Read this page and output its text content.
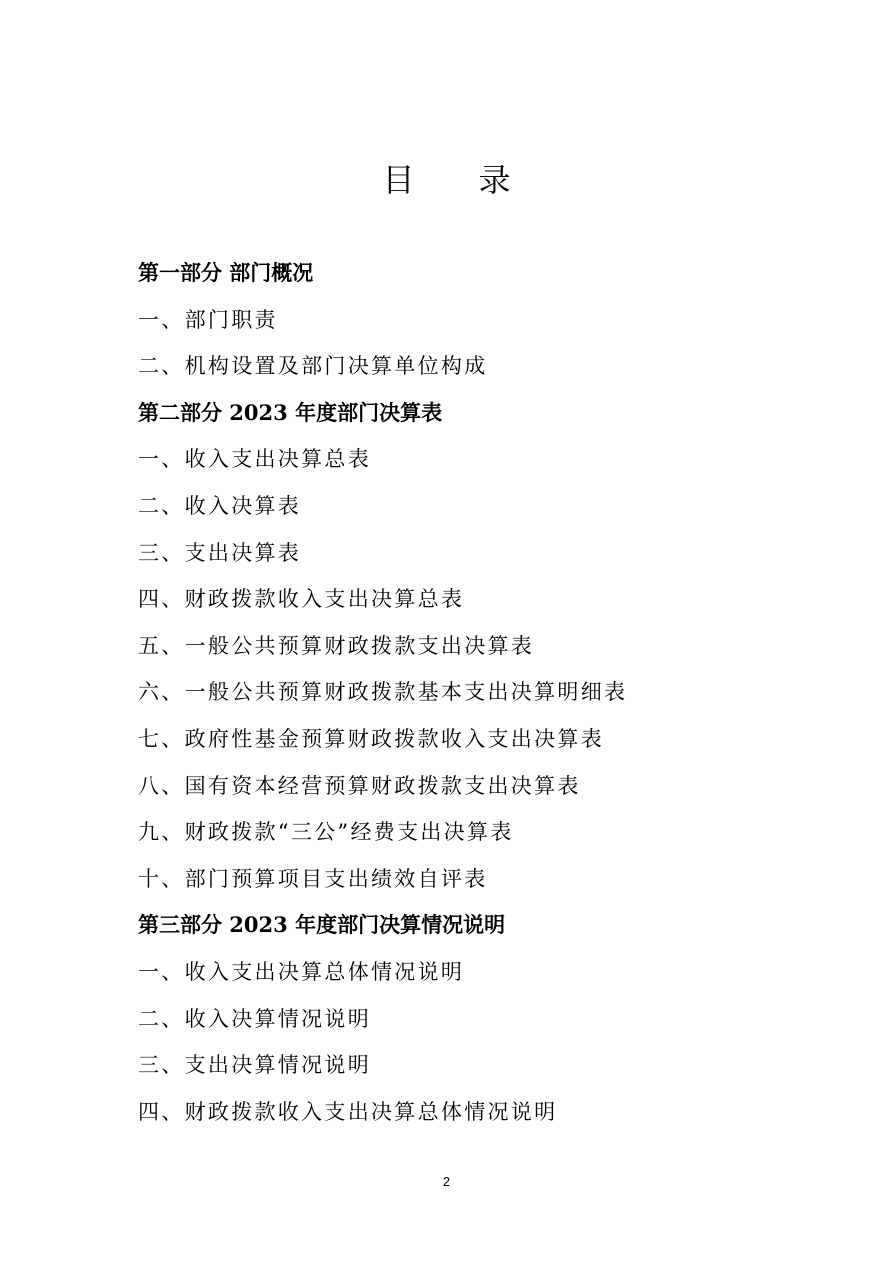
目　　录
第一部分 部门概况
一、部门职责
二、机构设置及部门决算单位构成
第二部分 2023 年度部门决算表
一、收入支出决算总表
二、收入决算表
三、支出决算表
四、财政拨款收入支出决算总表
五、一般公共预算财政拨款支出决算表
六、一般公共预算财政拨款基本支出决算明细表
七、政府性基金预算财政拨款收入支出决算表
八、国有资本经营预算财政拨款支出决算表
九、财政拨款“三公”经费支出决算表
十、部门预算项目支出绩效自评表
第三部分 2023 年度部门决算情况说明
一、收入支出决算总体情况说明
二、收入决算情况说明
三、支出决算情况说明
四、财政拨款收入支出决算总体情况说明
2
